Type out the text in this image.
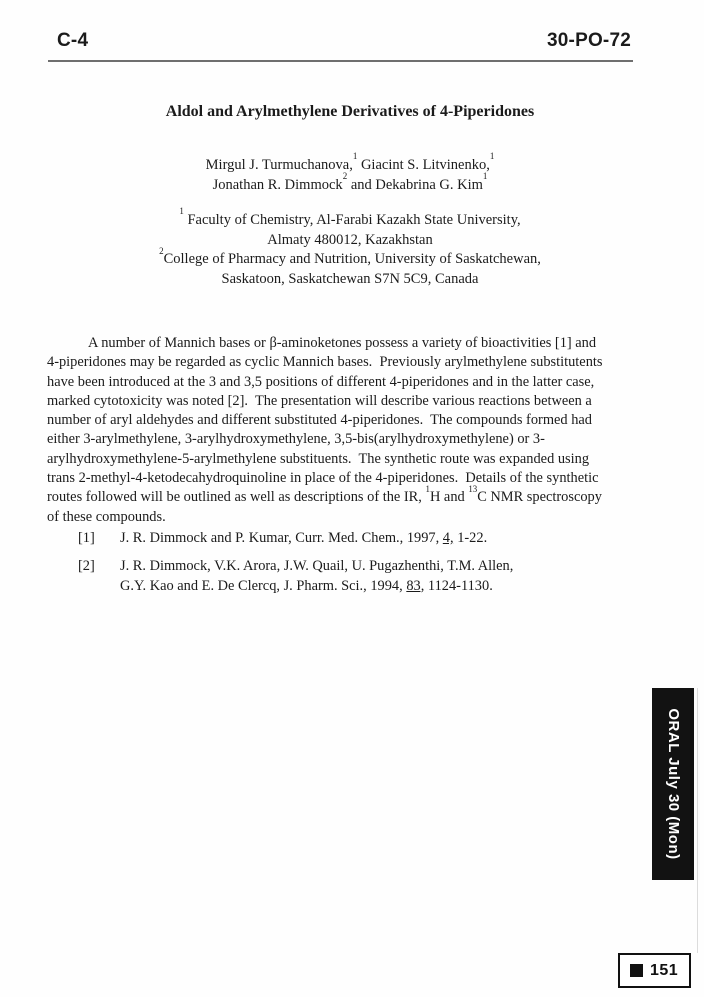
C-4	30-PO-72
Aldol and Arylmethylene Derivatives of 4-Piperidones
Mirgul J. Turmuchanova,$^1$ Giacint S. Litvinenko,$^1$
Jonathan R. Dimmock$^2$ and Dekabrina G. Kim$^1$
$^1$ Faculty of Chemistry, Al-Farabi Kazakh State University,
Almaty 480012, Kazakhstan
$^2$College of Pharmacy and Nutrition, University of Saskatchewan,
Saskatoon, Saskatchewan S7N 5C9, Canada
A number of Mannich bases or β-aminoketones possess a variety of bioactivities [1] and
4-piperidones may be regarded as cyclic Mannich bases.  Previously arylmethylene substitutents
have been introduced at the 3 and 3,5 positions of different 4-piperidones and in the latter case,
marked cytotoxicity was noted [2].  The presentation will describe various reactions between a
number of aryl aldehydes and different substituted 4-piperidones.  The compounds formed had
either 3-arylmethylene, 3-arylhydroxymethylene, 3,5-bis(arylhydroxymethylene) or 3-
arylhydroxymethylene-5-arylmethylene substituents.  The synthetic route was expanded using
trans 2-methyl-4-ketodecahydroquinoline in place of the 4-piperidones.  Details of the synthetic
routes followed will be outlined as well as descriptions of the IR, $^1$H and $^{13}$C NMR spectroscopy
of these compounds.
[1] J. R. Dimmock and P. Kumar, Curr. Med. Chem., 1997, 4, 1-22.
[2] J. R. Dimmock, V.K. Arora, J.W. Quail, U. Pugazhenthi, T.M. Allen,
G.Y. Kao and E. De Clercq, J. Pharm. Sci., 1994, 83, 1124-1130.
ORAL July 30 (Mon)
151
